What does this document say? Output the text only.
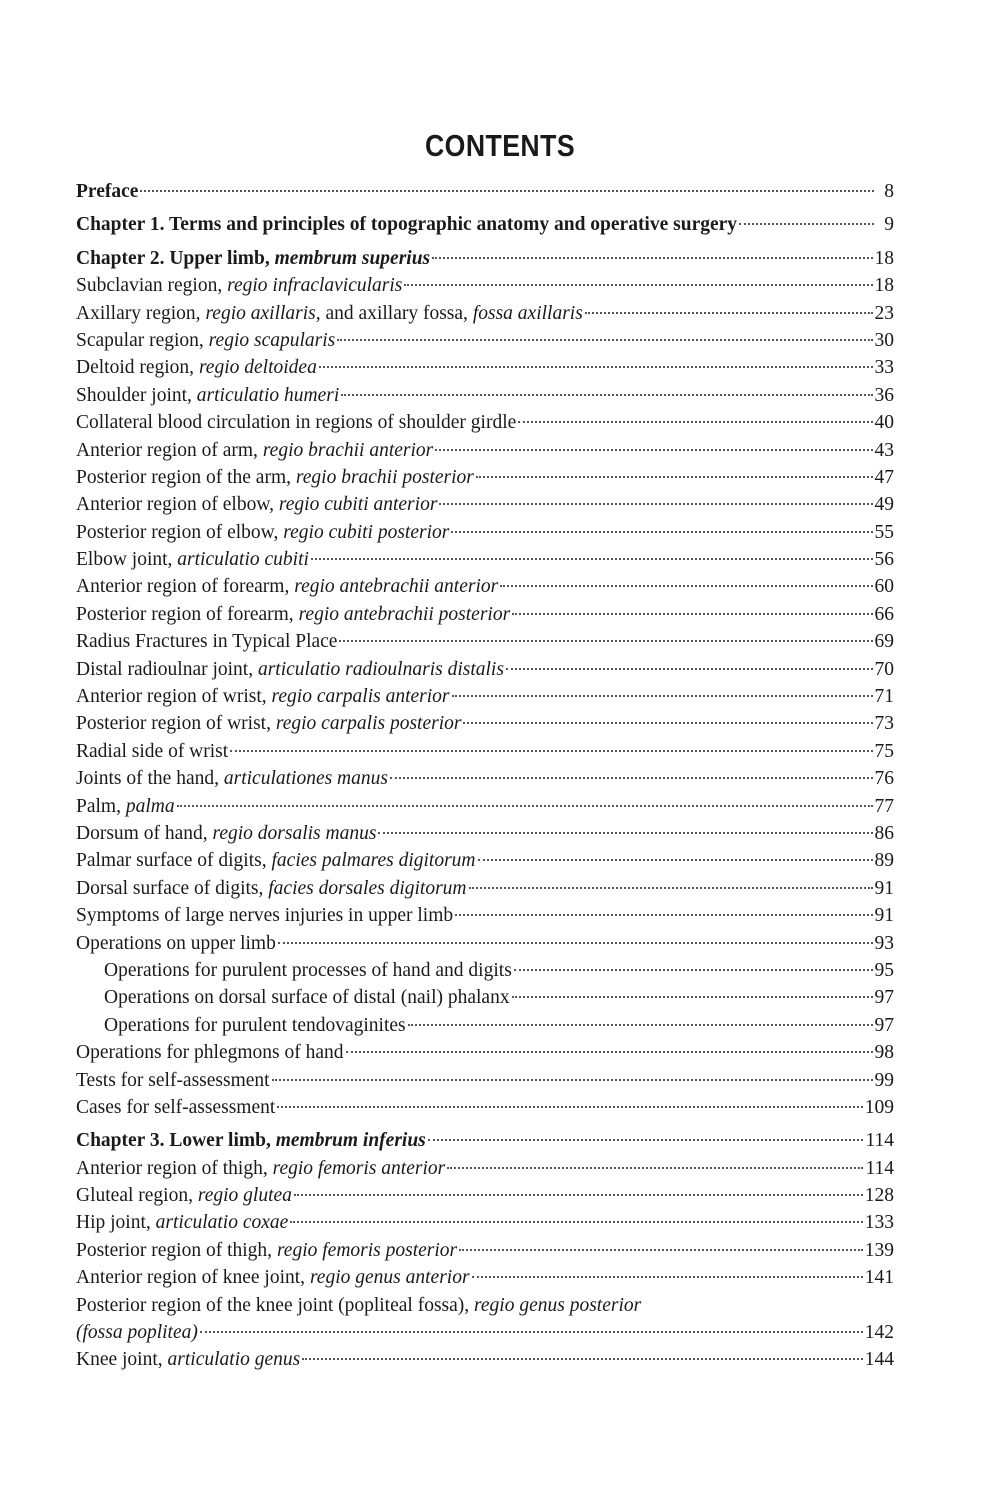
CONTENTS
Preface	8
Chapter 1. Terms and principles of topographic anatomy and operative surgery	9
Chapter 2. Upper limb, membrum superius	18
Subclavian region, regio infraclavicularis	18
Axillary region, regio axillaris, and axillary fossa, fossa axillaris	23
Scapular region, regio scapularis	30
Deltoid region, regio deltoidea	33
Shoulder joint, articulatio humeri	36
Collateral blood circulation in regions of shoulder girdle	40
Anterior region of arm, regio brachii anterior	43
Posterior region of the arm, regio brachii posterior	47
Anterior region of elbow, regio cubiti anterior	49
Posterior region of elbow, regio cubiti posterior	55
Elbow joint, articulatio cubiti	56
Anterior region of forearm, regio antebrachii anterior	60
Posterior region of forearm, regio antebrachii posterior	66
Radius Fractures in Typical Place	69
Distal radioulnar joint, articulatio radioulnaris distalis	70
Anterior region of wrist, regio carpalis anterior	71
Posterior region of wrist, regio carpalis posterior	73
Radial side of wrist	75
Joints of the hand, articulationes manus	76
Palm, palma	77
Dorsum of hand, regio dorsalis manus	86
Palmar surface of digits, facies palmares digitorum	89
Dorsal surface of digits, facies dorsales digitorum	91
Symptoms of large nerves injuries in upper limb	91
Operations on upper limb	93
Operations for purulent processes of hand and digits	95
Operations on dorsal surface of distal (nail) phalanx	97
Operations for purulent tendovaginites	97
Operations for phlegmons of hand	98
Tests for self-assessment	99
Cases for self-assessment	109
Chapter 3. Lower limb, membrum inferius	114
Anterior region of thigh, regio femoris anterior	114
Gluteal region, regio glutea	128
Hip joint, articulatio coxae	133
Posterior region of thigh, regio femoris posterior	139
Anterior region of knee joint, regio genus anterior	141
Posterior region of the knee joint (popliteal fossa), regio genus posterior
(fossa poplitea)	142
Knee joint, articulatio genus	144
